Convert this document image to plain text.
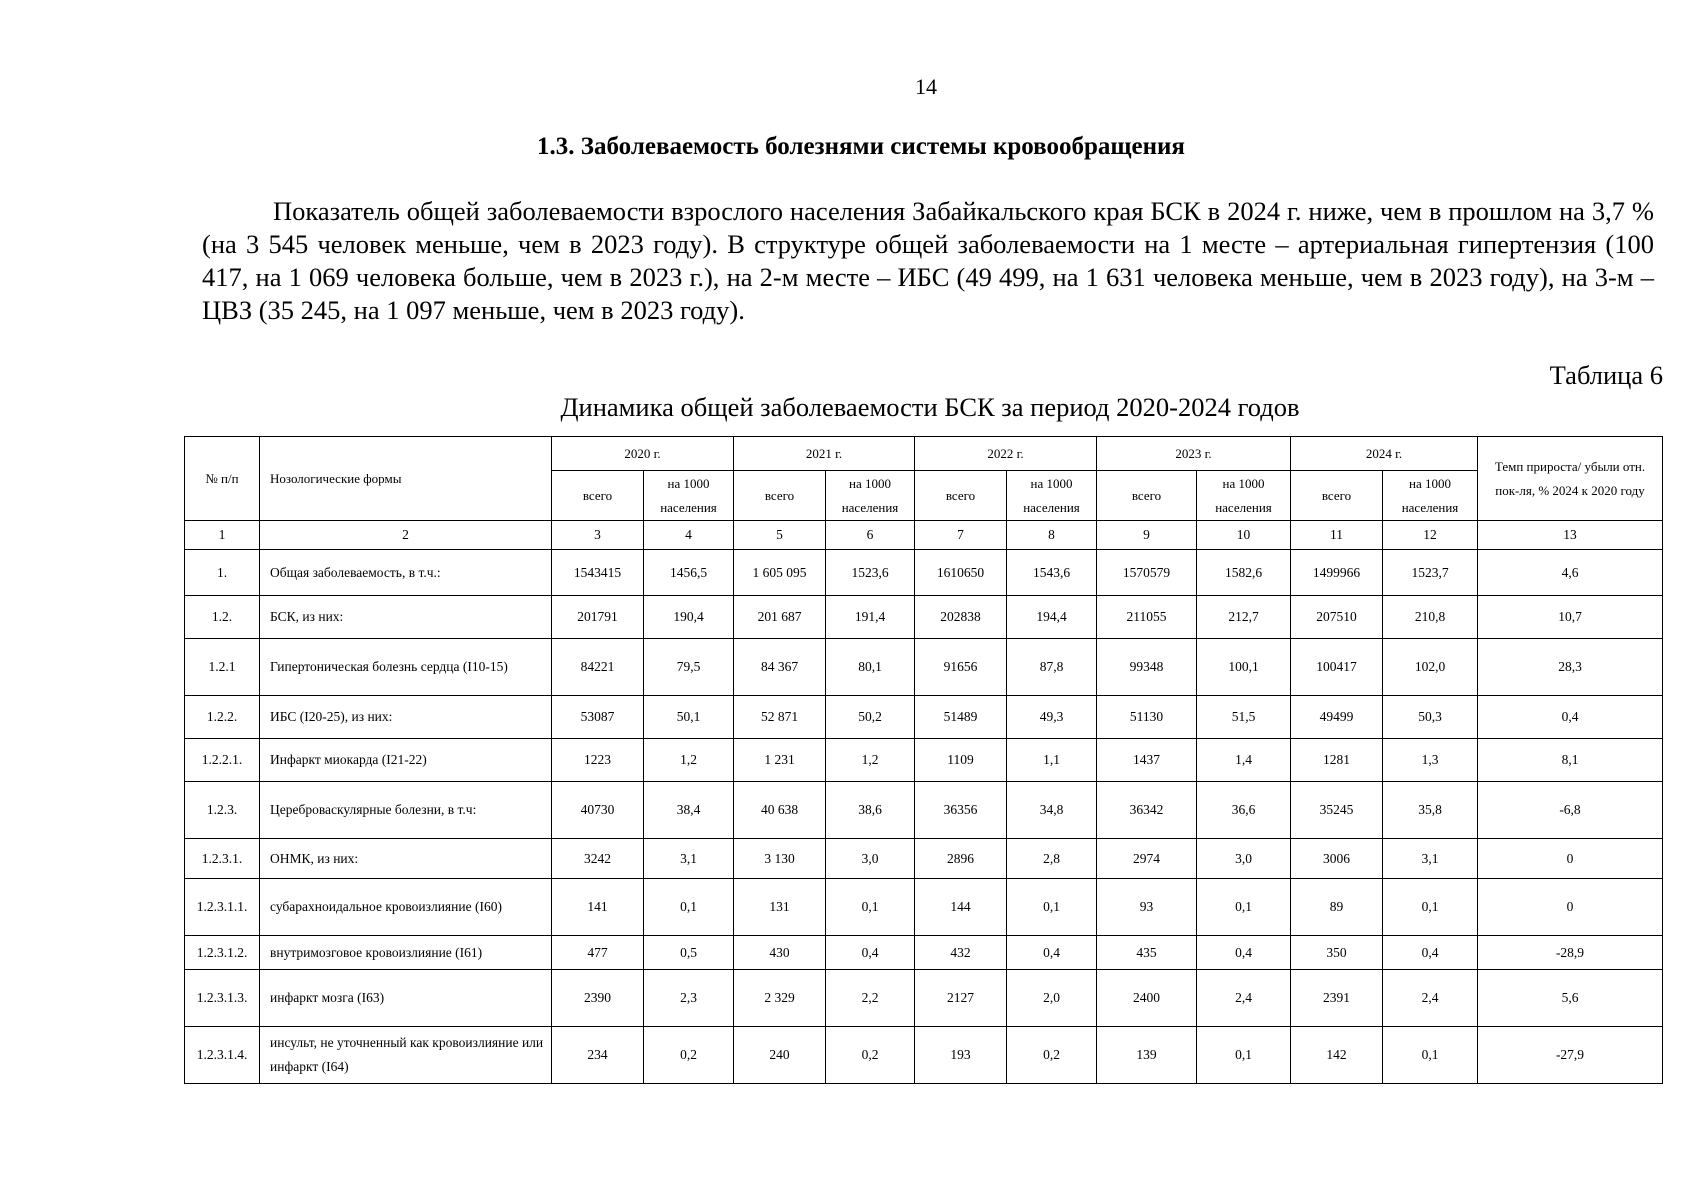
14
1.3. Заболеваемость болезнями системы кровообращения
Показатель общей заболеваемости взрослого населения Забайкальского края БСК в 2024 г. ниже, чем в прошлом на 3,7 % (на 3 545 человек меньше, чем в 2023 году). В структуре общей заболеваемости на 1 месте – артериальная гипертензия (100 417, на 1 069 человека больше, чем в 2023 г.), на 2-м месте – ИБС (49 499, на 1 631 человека меньше, чем в 2023 году), на 3-м – ЦВЗ (35 245, на 1 097 меньше, чем в 2023 году).
Таблица 6
Динамика общей заболеваемости БСК за период 2020-2024 годов
№ п/п	Нозологические формы	2020 г.		2021 г.		2022 г.		2023 г.		2024 г.		Темп прироста/ убыли отн. пок-ля, % 2024 к 2020 году
		всего	на 1000 населения	всего	на 1000 населения	всего	на 1000 населения	всего	на 1000 населения	всего	на 1000 населения	
1	2	3	4	5	6	7	8	9	10	11	12	13
1.	Общая заболеваемость, в т.ч.:	1543415	1456,5	1 605 095	1523,6	1610650	1543,6	1570579	1582,6	1499966	1523,7	4,6
1.2.	БСК, из них:	201791	190,4	201 687	191,4	202838	194,4	211055	212,7	207510	210,8	10,7
1.2.1	Гипертоническая болезнь сердца (I10-15)	84221	79,5	84 367	80,1	91656	87,8	99348	100,1	100417	102,0	28,3
1.2.2.	ИБС (I20-25), из них:	53087	50,1	52 871	50,2	51489	49,3	51130	51,5	49499	50,3	0,4
1.2.2.1.	Инфаркт миокарда (I21-22)	1223	1,2	1 231	1,2	1109	1,1	1437	1,4	1281	1,3	8,1
1.2.3.	Цереброваскулярные болезни, в т.ч:	40730	38,4	40 638	38,6	36356	34,8	36342	36,6	35245	35,8	-6,8
1.2.3.1.	ОНМК, из них:	3242	3,1	3 130	3,0	2896	2,8	2974	3,0	3006	3,1	0
1.2.3.1.1.	субарахноидальное кровоизлияние (I60)	141	0,1	131	0,1	144	0,1	93	0,1	89	0,1	0
1.2.3.1.2.	внутримозговое кровоизлияние (I61)	477	0,5	430	0,4	432	0,4	435	0,4	350	0,4	-28,9
1.2.3.1.3.	инфаркт мозга (I63)	2390	2,3	2 329	2,2	2127	2,0	2400	2,4	2391	2,4	5,6
1.2.3.1.4.	инсульт, не уточненный как кровоизлияние или инфаркт (I64)	234	0,2	240	0,2	193	0,2	139	0,1	142	0,1	-27,9
